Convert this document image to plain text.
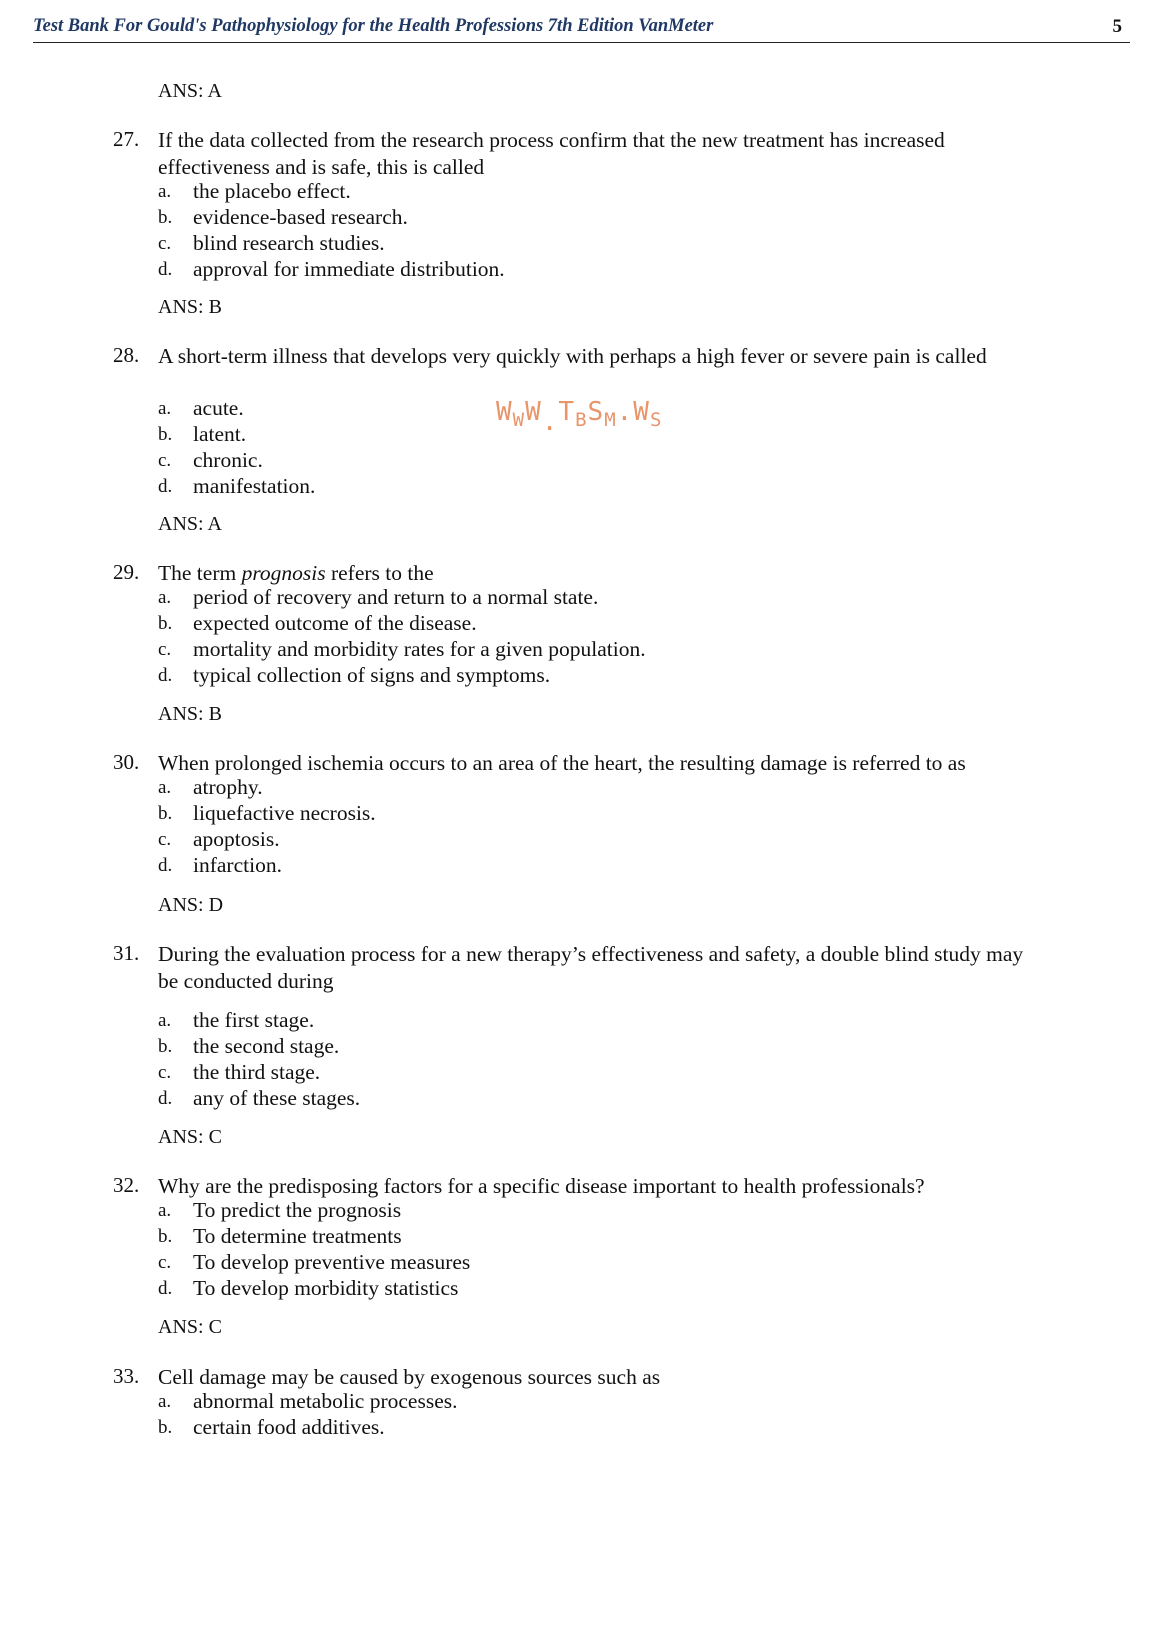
Test Bank For Gould's Pathophysiology for the Health Professions 7th Edition VanMeter	5
ANS: A
27. If the data collected from the research process confirm that the new treatment has increased effectiveness and is safe, this is called
a. the placebo effect.
b. evidence-based research.
c. blind research studies.
d. approval for immediate distribution.
ANS: B
28. A short-term illness that develops very quickly with perhaps a high fever or severe pain is called
a. acute.
b. latent.
c. chronic.
d. manifestation.
ANS: A
$W_WW.T_BS_M.W_S$
29. The term prognosis refers to the
a. period of recovery and return to a normal state.
b. expected outcome of the disease.
c. mortality and morbidity rates for a given population.
d. typical collection of signs and symptoms.
ANS: B
30. When prolonged ischemia occurs to an area of the heart, the resulting damage is referred to as
a. atrophy.
b. liquefactive necrosis.
c. apoptosis.
d. infarction.
ANS: D
31. During the evaluation process for a new therapy’s effectiveness and safety, a double blind study may be conducted during
a. the first stage.
b. the second stage.
c. the third stage.
d. any of these stages.
ANS: C
32. Why are the predisposing factors for a specific disease important to health professionals?
a. To predict the prognosis
b. To determine treatments
c. To develop preventive measures
d. To develop morbidity statistics
ANS: C
33. Cell damage may be caused by exogenous sources such as
a. abnormal metabolic processes.
b. certain food additives.
